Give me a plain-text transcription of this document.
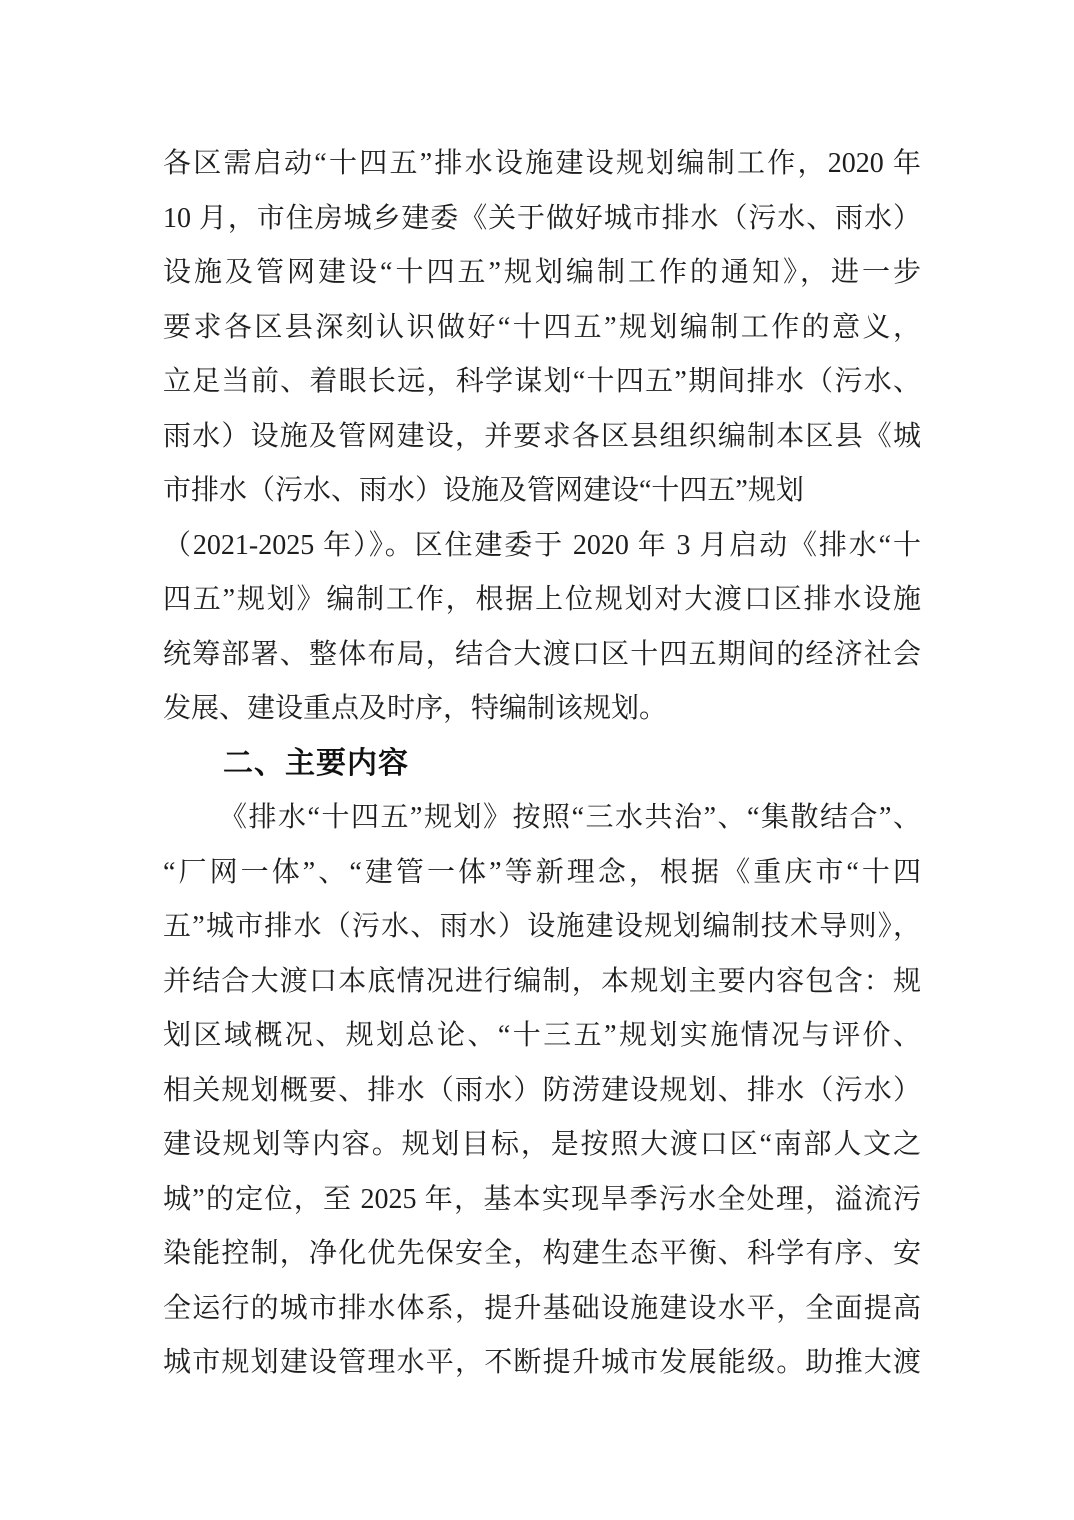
各区需启动“十四五”排水设施建设规划编制工作，2020 年
10 月，市住房城乡建委《关于做好城市排水（污水、雨水）
设施及管网建设“十四五”规划编制工作的通知》，进一步
要求各区县深刻认识做好“十四五”规划编制工作的意义，
立足当前、着眼长远，科学谋划“十四五”期间排水（污水、
雨水）设施及管网建设，并要求各区县组织编制本区县《城
市排水（污水、雨水）设施及管网建设“十四五”规划
（2021-2025 年）》。区住建委于 2020 年 3 月启动《排水“十
四五”规划》编制工作，根据上位规划对大渡口区排水设施
统筹部署、整体布局，结合大渡口区十四五期间的经济社会
发展、建设重点及时序，特编制该规划。
二、主要内容
《排水“十四五”规划》按照“三水共治”、“集散结合”、
“厂网一体”、“建管一体”等新理念，根据《重庆市“十四
五”城市排水（污水、雨水）设施建设规划编制技术导则》，
并结合大渡口本底情况进行编制，本规划主要内容包含：规
划区域概况、规划总论、“十三五”规划实施情况与评价、
相关规划概要、排水（雨水）防涝建设规划、排水（污水）
建设规划等内容。规划目标，是按照大渡口区“南部人文之
城”的定位，至 2025 年，基本实现旱季污水全处理，溢流污
染能控制，净化优先保安全，构建生态平衡、科学有序、安
全运行的城市排水体系，提升基础设施建设水平，全面提高
城市规划建设管理水平，不断提升城市发展能级。助推大渡
